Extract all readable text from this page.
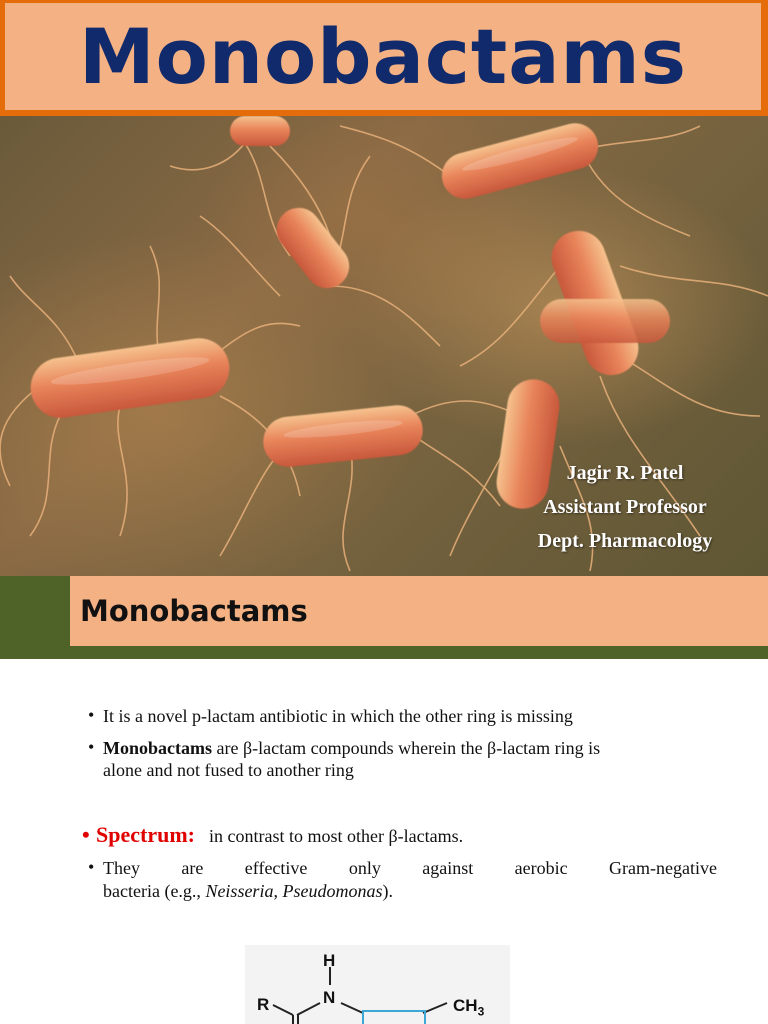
Monobactams
Jagir R. Patel
Assistant Professor
Dept. Pharmacology
Monobactams
• It is a novel p-lactam antibiotic in which the other ring is missing
• Monobactams are β-lactam compounds wherein the β-lactam ring is
alone and not fused to another ring
• Spectrum: in contrast to most other β-lactams.
• They are effective only against aerobic Gram-negative
bacteria (e.g., Neisseria, Pseudomonas).
H
N
R	$CH_3$
